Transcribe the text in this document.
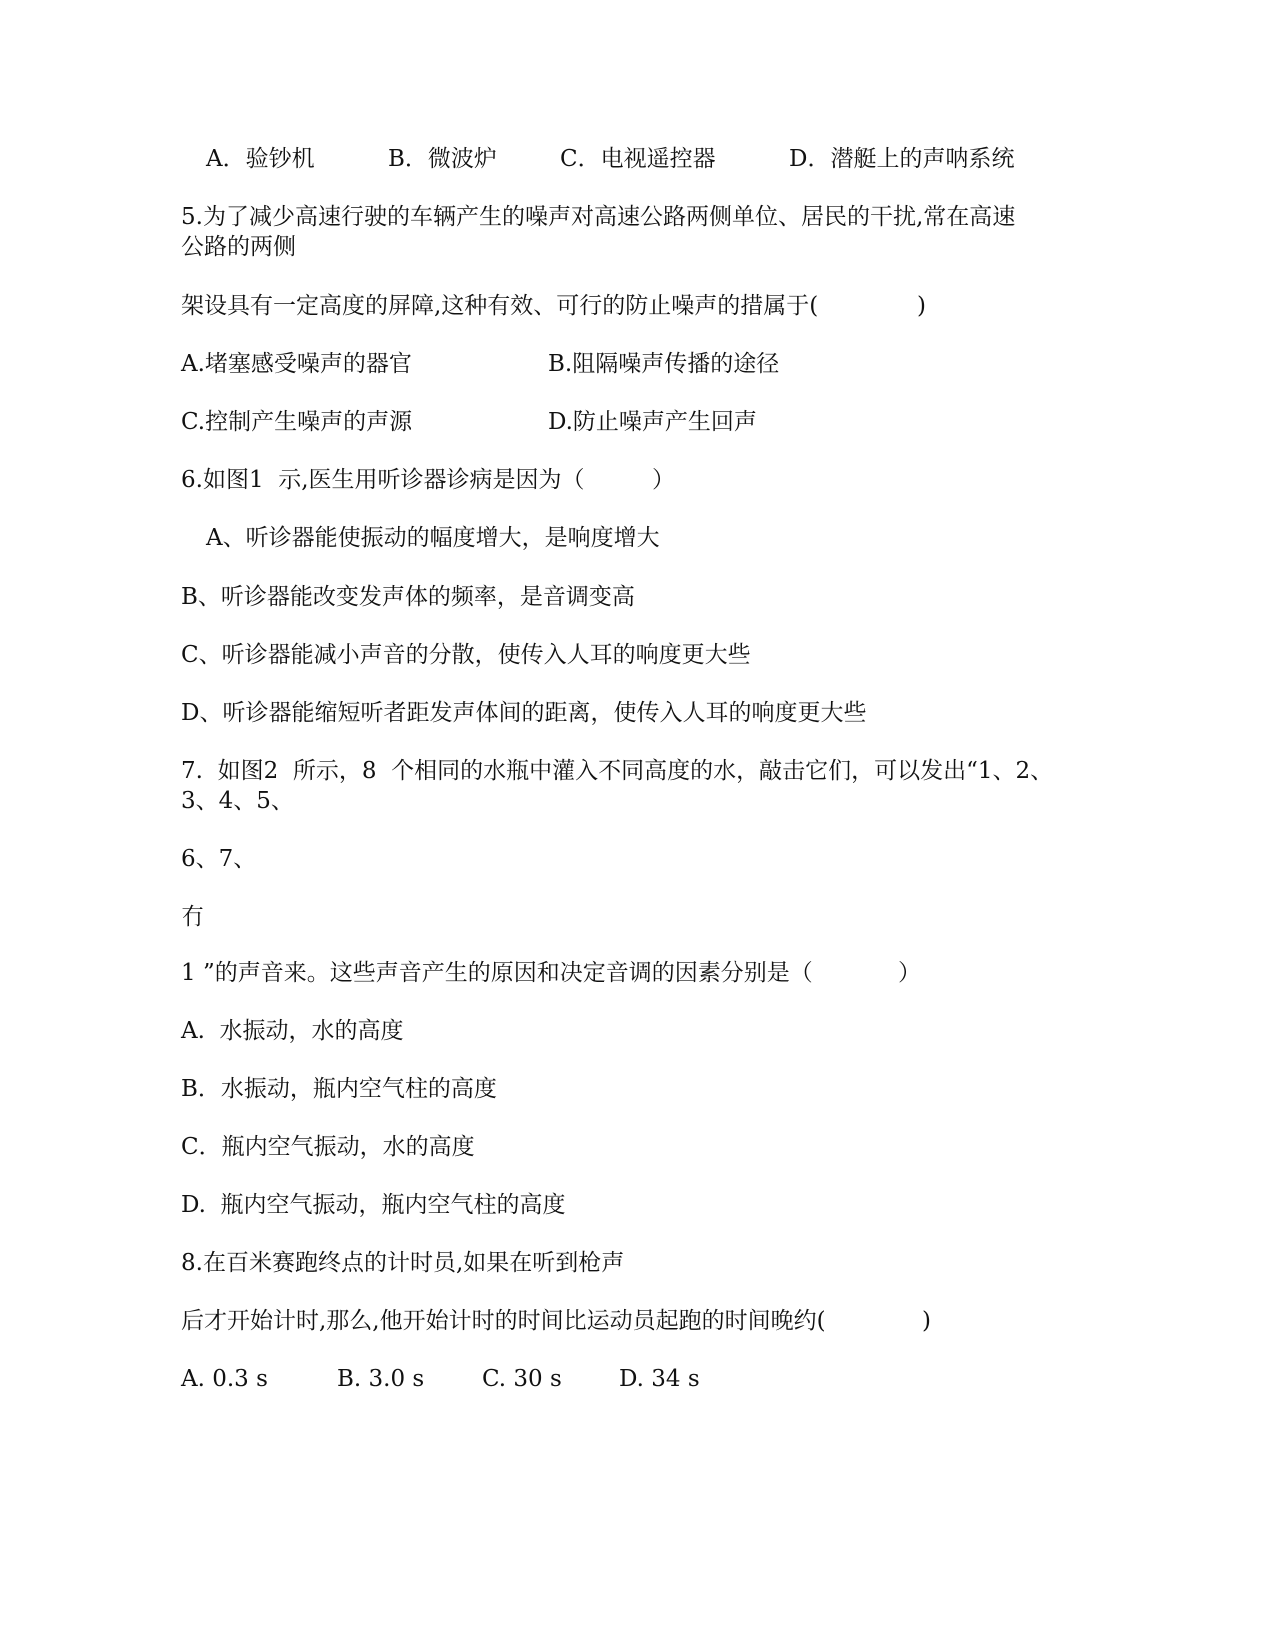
A．验钞机	B．微波炉	C．电视遥控器	D．潜艇上的声呐系统
5.为了减少高速行驶的车辆产生的噪声对高速公路两侧单位、居民的干扰,常在高速
公路的两侧
架设具有一定高度的屏障,这种有效、可行的防止噪声的措属于(	)
A.堵塞感受噪声的器官	B.阻隔噪声传播的途径
C.控制产生噪声的声源	D.防止噪声产生回声
6.如图1  示,医生用听诊器诊病是因为（	）
A、听诊器能使振动的幅度增大，是响度增大
B、听诊器能改变发声体的频率，是音调变高
C、听诊器能减小声音的分散，使传入人耳的响度更大些
D、听诊器能缩短听者距发声体间的距离，使传入人耳的响度更大些
7.  如图2  所示，8  个相同的水瓶中灌入不同高度的水，敲击它们，可以发出“1、2、
3、4、5、
6、7、
冇
1 ”的声音来。这些声音产生的原因和决定音调的因素分别是（	）
A.  水振动，水的高度
B．水振动，瓶内空气柱的高度
C．瓶内空气振动，水的高度
D.  瓶内空气振动，瓶内空气柱的高度
8.在百米赛跑终点的计时员,如果在听到枪声
后才开始计时,那么,他开始计时的时间比运动员起跑的时间晚约(	)
A. 0.3 s	B. 3.0 s	C. 30 s D. 34 s
